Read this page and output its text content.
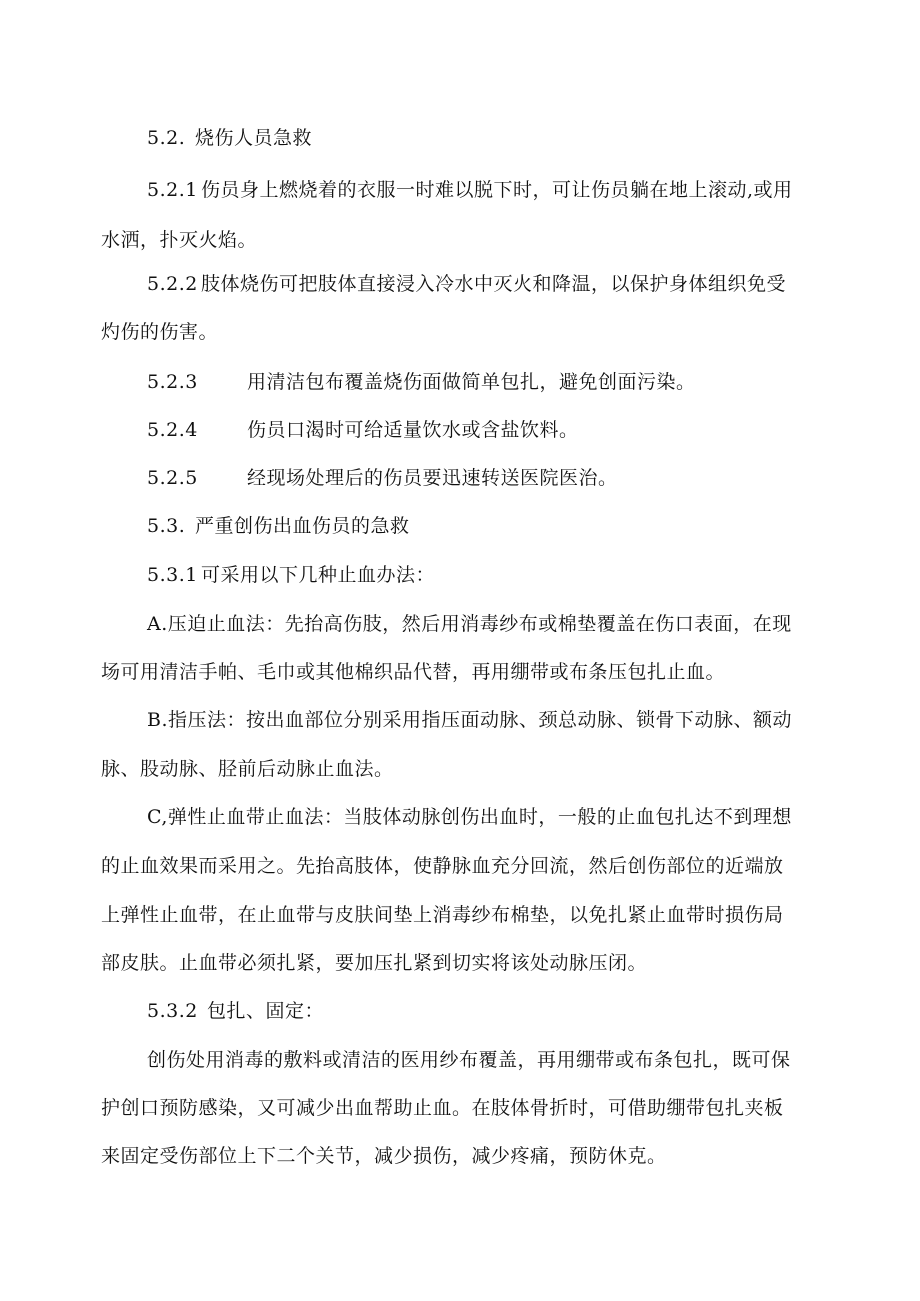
5.2. 烧伤人员急救
5.2.1 伤员身上燃烧着的衣服一时难以脱下时，可让伤员躺在地上滚动,或用
水洒，扑灭火焰。
5.2.2 肢体烧伤可把肢体直接浸入冷水中灭火和降温，以保护身体组织免受
灼伤的伤害。
5.2.3	用清洁包布覆盖烧伤面做简单包扎，避免创面污染。
5.2.4	伤员口渴时可给适量饮水或含盐饮料。
5.2.5	经现场处理后的伤员要迅速转送医院医治。
5.3. 严重创伤出血伤员的急救
5.3.1 可采用以下几种止血办法：
A.压迫止血法：先抬高伤肢，然后用消毒纱布或棉垫覆盖在伤口表面，在现
场可用清洁手帕、毛巾或其他棉织品代替，再用绷带或布条压包扎止血。
B.指压法：按出血部位分别采用指压面动脉、颈总动脉、锁骨下动脉、额动
脉、股动脉、胫前后动脉止血法。
C,弹性止血带止血法：当肢体动脉创伤出血时，一般的止血包扎达不到理想
的止血效果而采用之。先抬高肢体，使静脉血充分回流，然后创伤部位的近端放
上弹性止血带，在止血带与皮肤间垫上消毒纱布棉垫，以免扎紧止血带时损伤局
部皮肤。止血带必须扎紧，要加压扎紧到切实将该处动脉压闭。
5.3.2 包扎、固定：
创伤处用消毒的敷料或清洁的医用纱布覆盖，再用绷带或布条包扎，既可保
护创口预防感染，又可减少出血帮助止血。在肢体骨折时，可借助绷带包扎夹板
来固定受伤部位上下二个关节，减少损伤，减少疼痛，预防休克。
